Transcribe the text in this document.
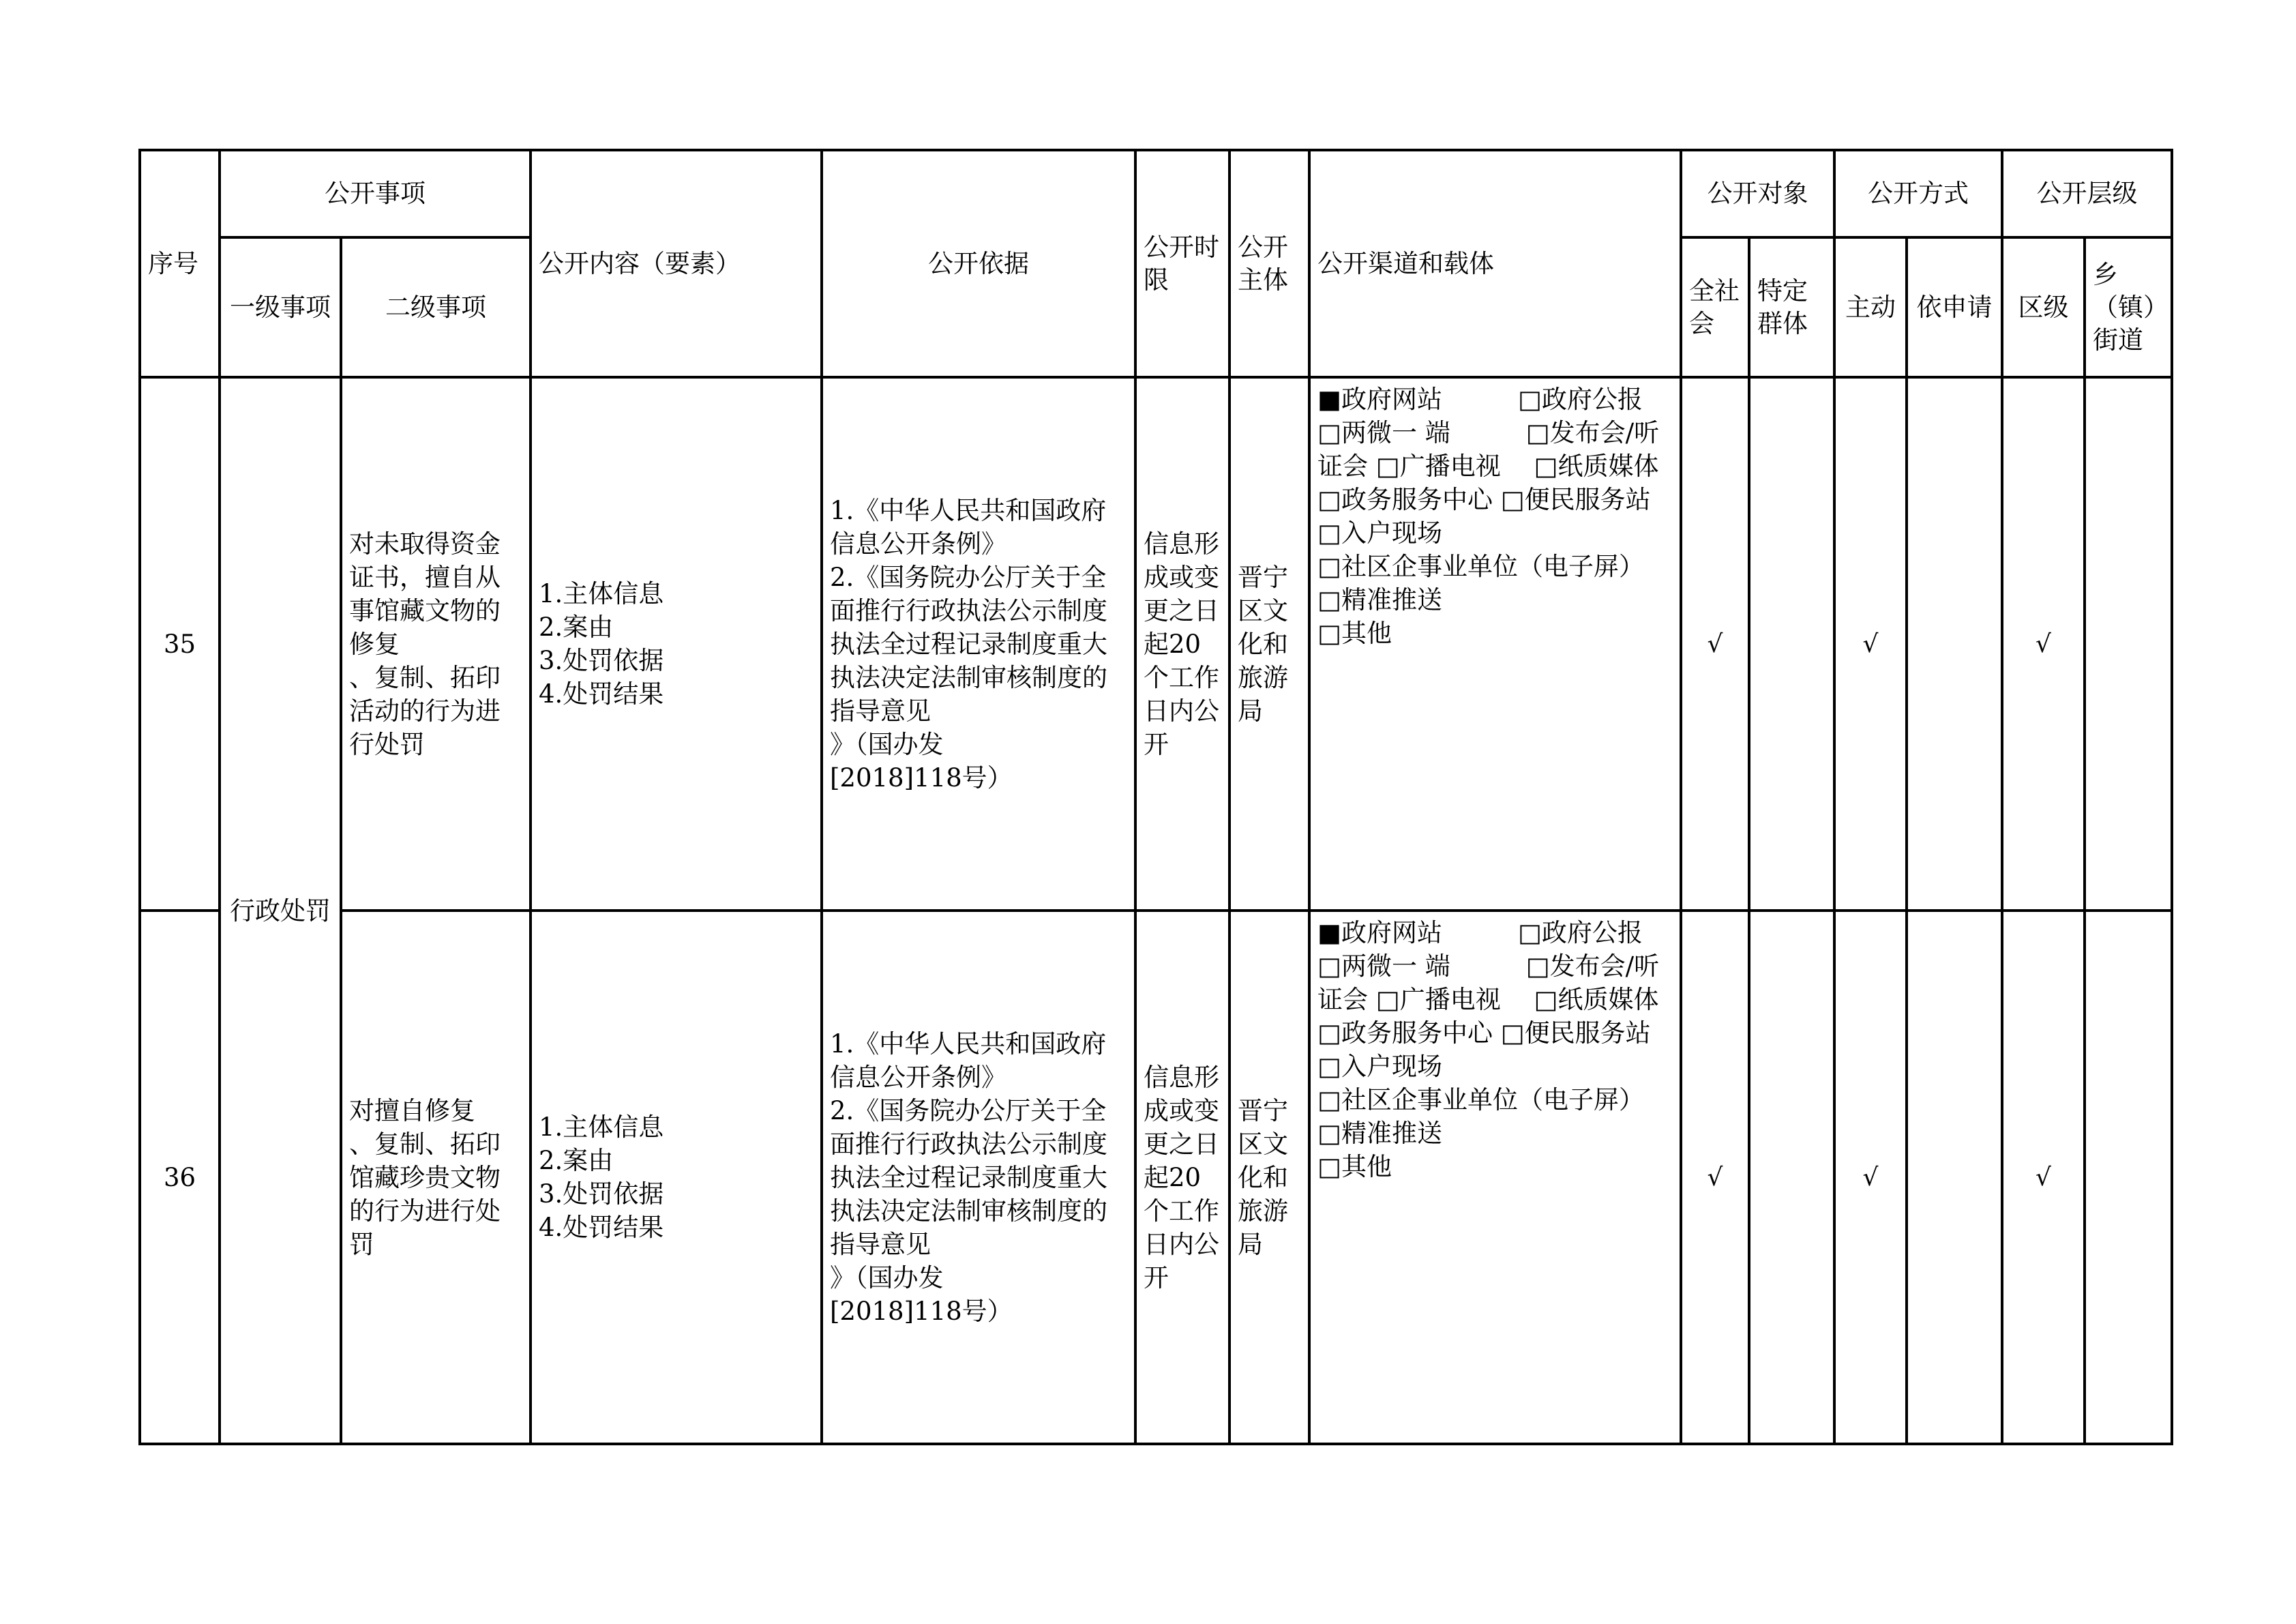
序号	公开事项		公开内容（要素）	公开依据	公开时限	公开主体	公开渠道和载体	公开对象		公开方式		公开层级	
	一级事项	二级事项						全社会	特定群体	主动	依申请	区级	乡（镇）街道
35	行政处罚	对未取得资金证书，擅自从事馆藏文物的修复
、复制、拓印活动的行为进行处罚	1.主体信息
2.案由
3.处罚依据
4.处罚结果	1.《中华人民共和国政府信息公开条例》
2.《国务院办公厅关于全面推行行政执法公示制度执法全过程记录制度重大执法决定法制审核制度的指导意见
》（国办发
[2018]118号）	信息形成或变更之日起20个工作日内公开	晋宁区文化和旅游局	■政府网站　　　□政府公报
□两微一 端　　　□发布会/听证会 □广播电视　 □纸质媒体 □政务服务中心 □便民服务站 □入户现场
□社区企事业单位（电子屏）
□精准推送
□其他	√		√		√	
36		对擅自修复
、复制、拓印馆藏珍贵文物的行为进行处罚	1.主体信息
2.案由
3.处罚依据
4.处罚结果	1.《中华人民共和国政府信息公开条例》
2.《国务院办公厅关于全面推行行政执法公示制度执法全过程记录制度重大执法决定法制审核制度的指导意见
》（国办发
[2018]118号）	信息形成或变更之日起20个工作日内公开	晋宁区文化和旅游局	■政府网站　　　□政府公报
□两微一 端　　　□发布会/听证会 □广播电视　 □纸质媒体 □政务服务中心 □便民服务站 □入户现场
□社区企事业单位（电子屏）
□精准推送
□其他	√		√		√	
